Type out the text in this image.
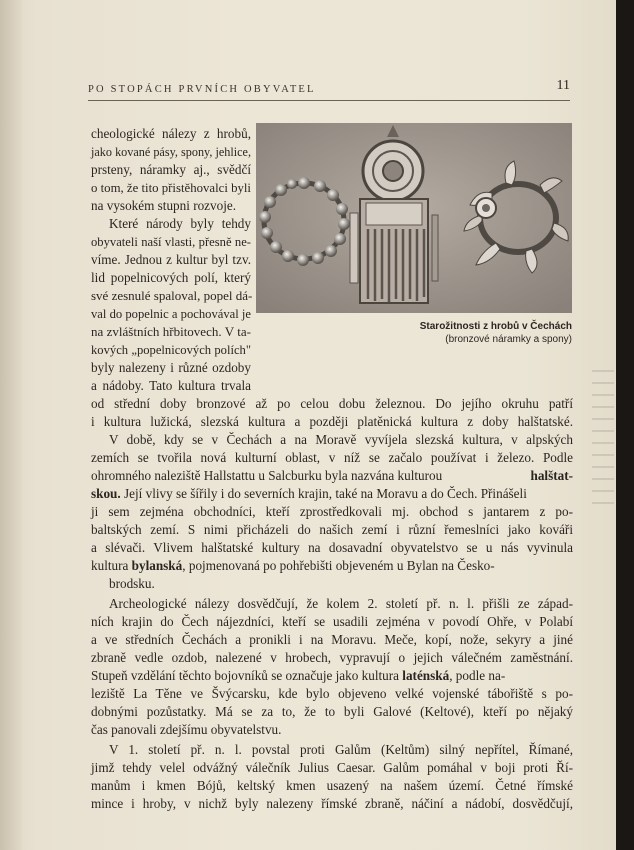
PO STOPÁCH PRVNÍCH OBYVATEL	11
Starožitnosti z hrobů v Čechách
(bronzové náramky a spony)
cheologické nálezy z hrobů,
jako kované pásy, spony, jehlice,
prsteny, náramky aj., svědčí
o tom, že tito přistěhovalci byli
na vysokém stupni rozvoje.
Které národy byly tehdy
obyvateli naší vlasti, přesně ne-
víme. Jednou z kultur byl tzv.
lid popelnicových polí, který
své zesnulé spaloval, popel dá-
val do popelnic a pochovával je
na zvláštních hřbitovech. V ta-
kových „popelnicových polích"
byly nalezeny i různé ozdoby
a nádoby. Tato kultura trvala
od střední doby bronzové až po celou dobu železnou. Do jejího okruhu patří
i kultura lužická, slezská kultura a později platěnická kultura z doby halštatské.
V době, kdy se v Čechách a na Moravě vyvíjela slezská kultura, v alpských
zemích se tvořila nová kulturní oblast, v níž se začalo používat i železo. Podle
ohromného naleziště Hallstattu u Salcburku byla nazvána kulturou	halštat-
skou. Její vlivy se šířily i do severních krajin, také na Moravu a do Čech. Přinášeli
ji sem zejména obchodníci, kteří zprostředkovali mj. obchod s jantarem z po-
baltských zemí. S nimi přicházeli do našich zemí i různí řemeslníci jako kováři
a slévači. Vlivem halštatské kultury na dosavadní obyvatelstvo se u nás vyvinula
kultura bylanská, pojmenovaná po pohřebišti objeveném u Bylan na Česko-
brodsku.
Archeologické nálezy dosvědčují, že kolem 2. století př. n. l. přišli ze západ-
ních krajin do Čech nájezdníci, kteří se usadili zejména v povodí Ohře, v Polabí
a ve středních Čechách a pronikli i na Moravu. Meče, kopí, nože, sekyry a jiné
zbraně vedle ozdob, nalezené v hrobech, vypravují o jejich válečném zaměstnání.
Stupeň vzdělání těchto bojovníků se označuje jako kultura laténská, podle na-
leziště La Těne ve Švýcarsku, kde bylo objeveno velké vojenské tábořiště s po-
dobnými pozůstatky. Má se za to, že to byli Galové (Keltové), kteří po nějaký
čas panovali zdejšímu obyvatelstvu.
V 1. století př. n. l. povstal proti Galům (Keltům) silný nepřítel, Římané,
jimž tehdy velel odvážný válečník Julius Caesar. Galům pomáhal v boji proti Ří-
manům i kmen Bójů, keltský kmen usazený na našem území. Četné římské
mince i hroby, v nichž byly nalezeny římské zbraně, náčiní a nádobí, dosvědčují,
